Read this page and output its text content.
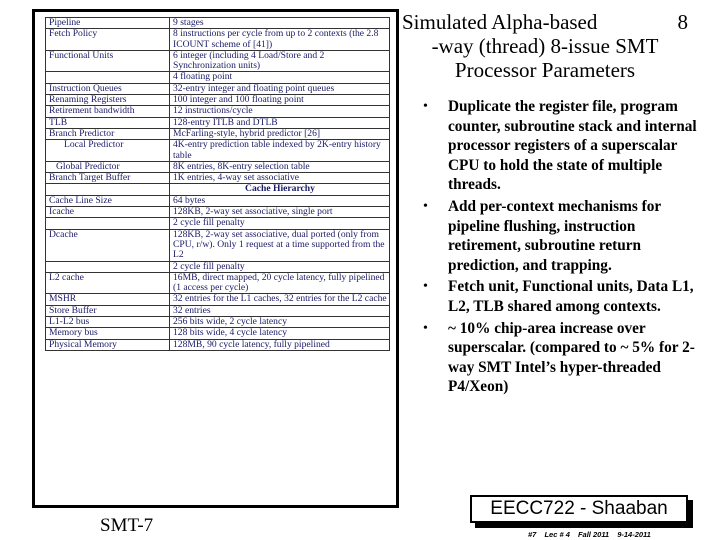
Pipeline	9 stages
Fetch Policy	8 instructions per cycle from up to 2 contexts (the 2.8 ICOUNT scheme of [41])
Functional Units	6 integer (including 4 Load/Store and 2 Synchronization units)
	4 floating point
Instruction Queues	32-entry integer and floating point queues
Renaming Registers	100 integer and 100 floating point
Retirement bandwidth	12 instructions/cycle
TLB	128-entry ITLB and DTLB
Branch Predictor	McFarling-style, hybrid predictor [26]
Local Predictor	4K-entry prediction table indexed by 2K-entry history table
Global Predictor	8K entries, 8K-entry selection table
Branch Target Buffer	1K entries, 4-way set associative
	Cache Hierarchy
Cache Line Size	64 bytes
Icache	128KB, 2-way set associative, single port
	2 cycle fill penalty
Dcache	128KB, 2-way set associative, dual ported (only from CPU, r/w). Only 1 request at a time supported from the L2
	2 cycle fill penalty
L2 cache	16MB, direct mapped, 20 cycle latency, fully pipelined (1 access per cycle)
MSHR	32 entries for the L1 caches, 32 entries for the L2 cache
Store Buffer	32 entries
L1-L2 bus	256 bits wide, 2 cycle latency
Memory bus	128 bits wide, 4 cycle latency
Physical Memory	128MB, 90 cycle latency, fully pipelined
Simulated Alpha-based	8
-way (thread) 8-issue SMT
Processor Parameters
• Duplicate the register file, program counter, subroutine stack and internal processor registers of a superscalar CPU to hold the state of multiple threads.
• Add per-context mechanisms for pipeline flushing, instruction retirement, subroutine return prediction, and trapping.
• Fetch unit, Functional units, Data L1, L2, TLB shared among contexts.
• ~ 10% chip-area increase over superscalar. (compared to ~ 5% for 2-way SMT Intel’s hyper-threaded P4/Xeon)
SMT-7
EECC722 - Shaaban
#7 Lec # 4 Fall 2011 9-14-2011
